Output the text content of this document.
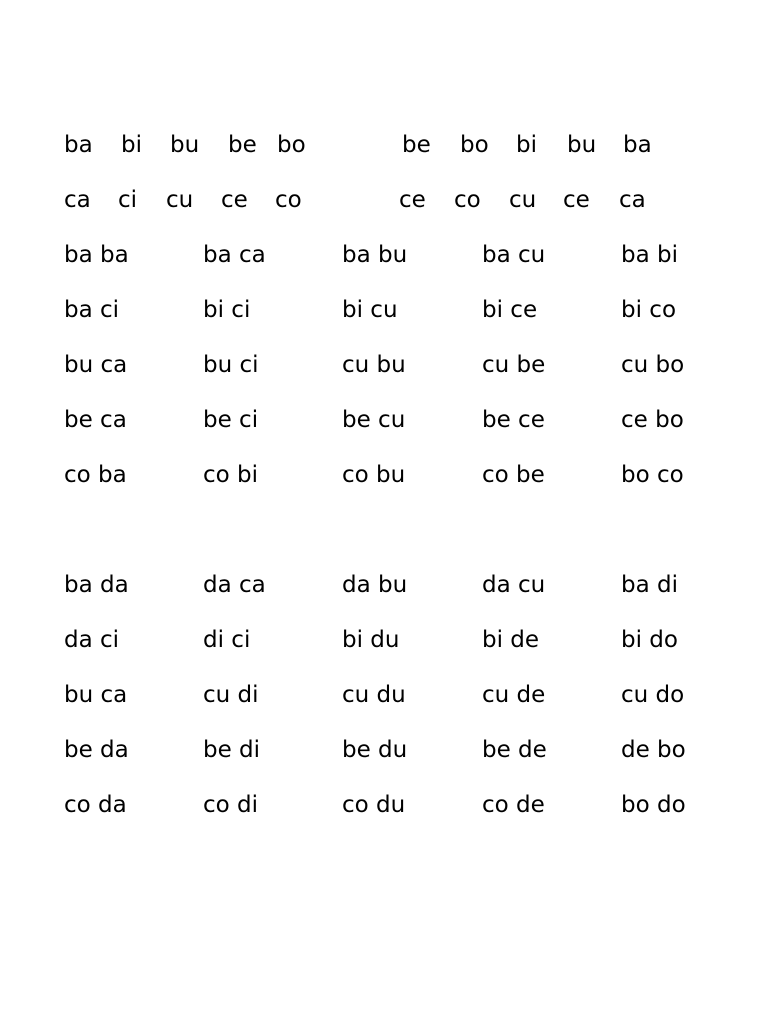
ba bi bu be bo	be bo bi bu ba
ca ci cu ce co	ce co cu ce ca
ba ba	ba ca	ba bu	ba cu	ba bi
ba ci	bi ci	bi cu	bi ce	bi co
bu ca	bu ci	cu bu	cu be	cu bo
be ca	be ci	be cu	be ce	ce bo
co ba	co bi	co bu	co be	bo co
ba da	da ca	da bu	da cu	ba di
da ci	di ci	bi du	bi de	bi do
bu ca	cu di	cu du	cu de	cu do
be da	be di	be du	be de	de bo
co da	co di	co du	co de	bo do
